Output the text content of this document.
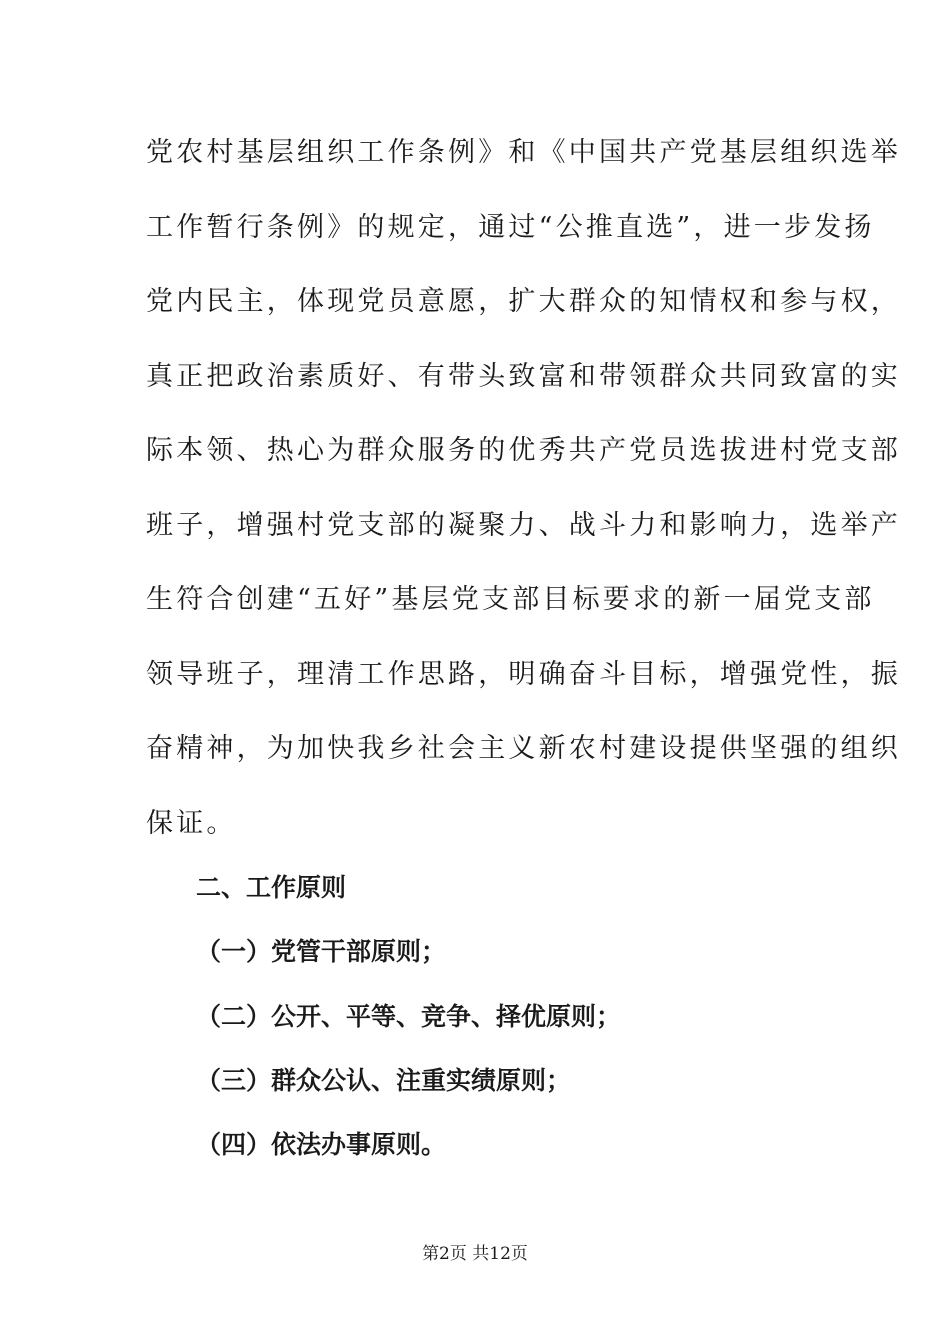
党农村基层组织工作条例》和《中国共产党基层组织选举
工作暂行条例》的规定，通过“公推直选”，进一步发扬
党内民主，体现党员意愿，扩大群众的知情权和参与权，
真正把政治素质好、有带头致富和带领群众共同致富的实
际本领、热心为群众服务的优秀共产党员选拔进村党支部
班子，增强村党支部的凝聚力、战斗力和影响力，选举产
生符合创建“五好”基层党支部目标要求的新一届党支部
领导班子，理清工作思路，明确奋斗目标，增强党性，振
奋精神，为加快我乡社会主义新农村建设提供坚强的组织
保证。
二、工作原则
（一）党管干部原则；
（二）公开、平等、竞争、择优原则；
（三）群众公认、注重实绩原则；
（四）依法办事原则。
第2页 共12页
